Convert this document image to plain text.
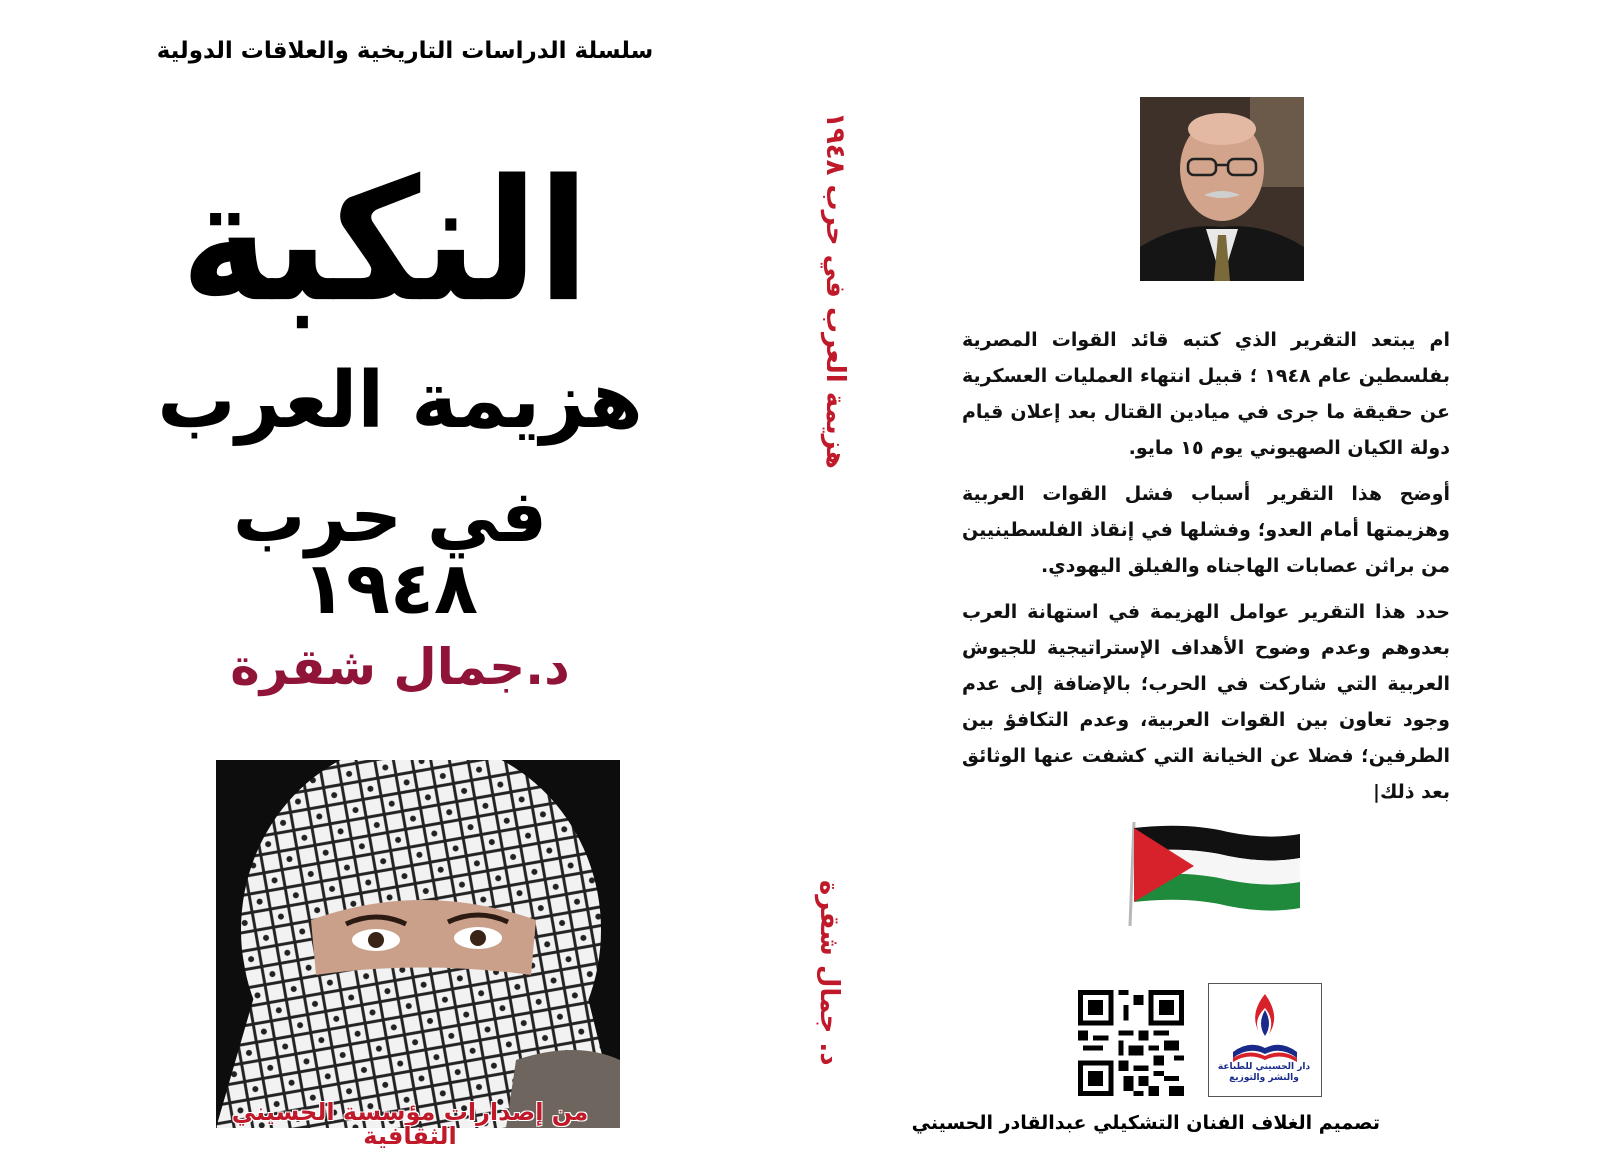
سلسلة الدراسات التاريخية والعلاقات الدولية
النكبة
هزيمة العرب
في حرب ١٩٤٨
د.جمال شقرة
من إصدارات مؤسسة الحسيني الثقافية
هزيمة العرب في حرب ١٩٤٨
د. جمال شقرة

ام يبتعد التقرير الذي كتبه قائد القوات المصرية بفلسطين عام ١٩٤٨ ؛ قبيل انتهاء العمليات العسكرية عن حقيقة ما جرى في ميادين القتال بعد إعلان قيام دولة الكيان الصهيوني يوم ١٥ مايو.

أوضح هذا التقرير أسباب فشل القوات العربية وهزيمتها أمام العدو؛ وفشلها في إنقاذ الفلسطينيين من براثن عصابات الهاجناه والفيلق اليهودي.

حدد هذا التقرير عوامل الهزيمة في استهانة العرب بعدوهم وعدم وضوح الأهداف الإستراتيجية للجيوش العربية التي شاركت في الحرب؛ بالإضافة إلى عدم وجود تعاون بين القوات العربية، وعدم التكافؤ بين الطرفين؛ فضلا عن الخيانة التي كشفت عنها الوثائق بعد ذلك|

دار الحسيني للطباعة والنشر والتوزيع
تصميم الغلاف الفنان التشكيلي عبدالقادر الحسيني
